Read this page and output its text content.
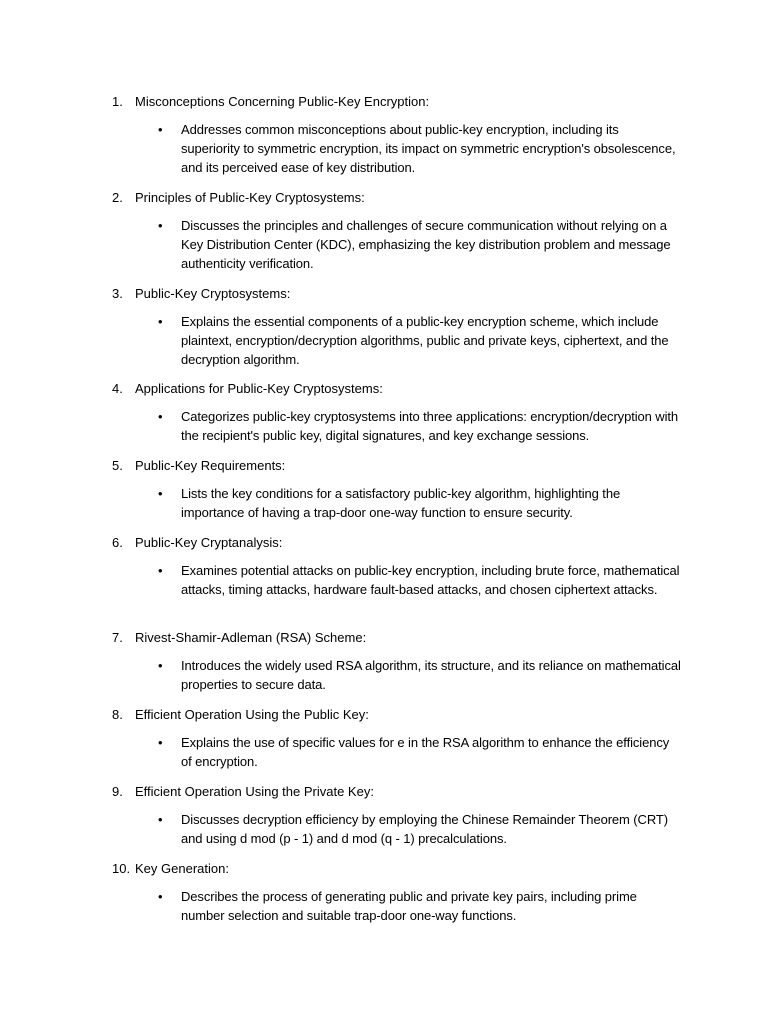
1. Misconceptions Concerning Public-Key Encryption:
• Addresses common misconceptions about public-key encryption, including its superiority to symmetric encryption, its impact on symmetric encryption's obsolescence, and its perceived ease of key distribution.
2. Principles of Public-Key Cryptosystems:
• Discusses the principles and challenges of secure communication without relying on a Key Distribution Center (KDC), emphasizing the key distribution problem and message authenticity verification.
3. Public-Key Cryptosystems:
• Explains the essential components of a public-key encryption scheme, which include plaintext, encryption/decryption algorithms, public and private keys, ciphertext, and the decryption algorithm.
4. Applications for Public-Key Cryptosystems:
• Categorizes public-key cryptosystems into three applications: encryption/decryption with the recipient's public key, digital signatures, and key exchange sessions.
5. Public-Key Requirements:
• Lists the key conditions for a satisfactory public-key algorithm, highlighting the importance of having a trap-door one-way function to ensure security.
6. Public-Key Cryptanalysis:
• Examines potential attacks on public-key encryption, including brute force, mathematical attacks, timing attacks, hardware fault-based attacks, and chosen ciphertext attacks.
7. Rivest-Shamir-Adleman (RSA) Scheme:
• Introduces the widely used RSA algorithm, its structure, and its reliance on mathematical properties to secure data.
8. Efficient Operation Using the Public Key:
• Explains the use of specific values for e in the RSA algorithm to enhance the efficiency of encryption.
9. Efficient Operation Using the Private Key:
• Discusses decryption efficiency by employing the Chinese Remainder Theorem (CRT) and using d mod (p - 1) and d mod (q - 1) precalculations.
10. Key Generation:
• Describes the process of generating public and private key pairs, including prime number selection and suitable trap-door one-way functions.
